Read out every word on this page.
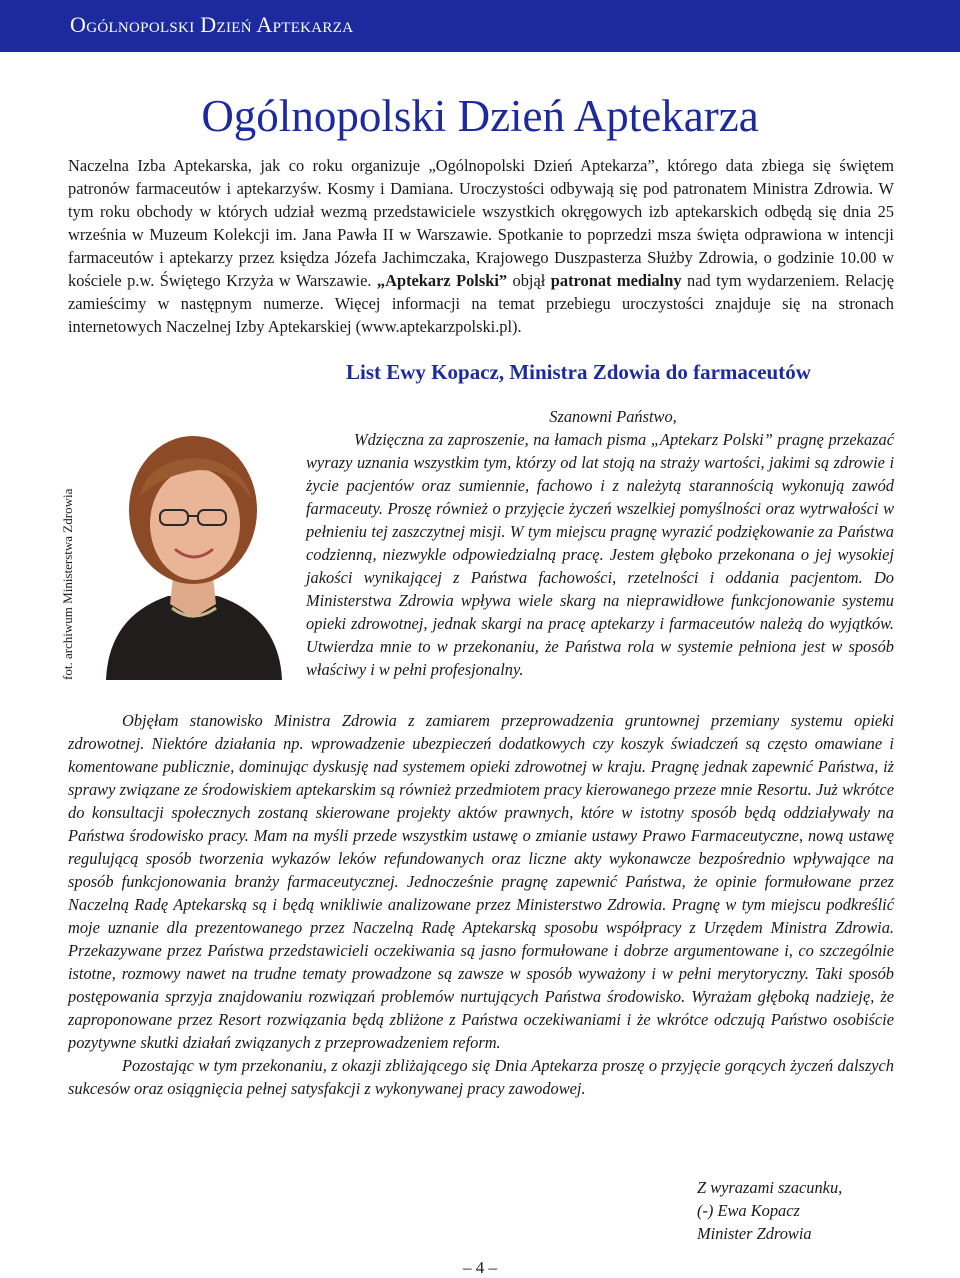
Ogólnopolski Dzień Aptekarza
Ogólnopolski Dzień Aptekarza

Naczelna Izba Aptekarska, jak co roku organizuje „Ogólnopolski Dzień Aptekarza”, którego data zbiega się świętem patronów farmaceutów i aptekarzyśw. Kosmy i Damiana. Uroczystości odbywają się pod patronatem Ministra Zdrowia. W tym roku obchody w których udział wezmą przedstawiciele wszystkich okręgowych izb aptekarskich odbędą się dnia 25 września w Muzeum Kolekcji im. Jana Pawła II w Warszawie. Spotkanie to poprzedzi msza święta odprawiona w intencji farmaceutów i aptekarzy przez księdza Józefa Jachimczaka, Krajowego Duszpasterza Służby Zdrowia, o godzinie 10.00 w kościele p.w. Świętego Krzyża w Warszawie. „Aptekarz Polski” objął patronat medialny nad tym wydarzeniem. Relację zamieścimy w następnym numerze. Więcej informacji na temat przebiegu uroczystości znajduje się na stronach internetowych Naczelnej Izby Aptekarskiej (www.aptekarzpolski.pl).

List Ewy Kopacz, Ministra Zdowia do farmaceutów
fot. archiwum Ministerstwa Zdrowia

Szanowni Państwo,

Wdzięczna za zaproszenie, na łamach pisma „Aptekarz Polski” pragnę przekazać wyrazy uznania wszystkim tym, którzy od lat stoją na straży wartości, jakimi są zdrowie i życie pacjentów oraz sumiennie, fachowo i z należytą starannością wykonują zawód farmaceuty. Proszę również o przyjęcie życzeń wszelkiej pomyślności oraz wytrwałości w pełnieniu tej zaszczytnej misji. W tym miejscu pragnę wyrazić podziękowanie za Państwa codzienną, niezwykle odpowiedzialną pracę. Jestem głęboko przekonana o jej wysokiej jakości wynikającej z Państwa fachowości, rzetelności i oddania pacjentom. Do Ministerstwa Zdrowia wpływa wiele skarg na nieprawidłowe funkcjonowanie systemu opieki zdrowotnej, jednak skargi na pracę aptekarzy i farmaceutów należą do wyjątków. Utwierdza mnie to w przekonaniu, że Państwa rola w systemie pełniona jest w sposób właściwy i w pełni profesjonalny.

Objęłam stanowisko Ministra Zdrowia z zamiarem przeprowadzenia gruntownej przemiany systemu opieki zdrowotnej. Niektóre działania np. wprowadzenie ubezpieczeń dodatkowych czy koszyk świadczeń są często omawiane i komentowane publicznie, dominując dyskusję nad systemem opieki zdrowotnej w kraju. Pragnę jednak zapewnić Państwa, iż sprawy związane ze środowiskiem aptekarskim są również przedmiotem pracy kierowanego przeze mnie Resortu. Już wkrótce do konsultacji społecznych zostaną skierowane projekty aktów prawnych, które w istotny sposób będą oddziaływały na Państwa środowisko pracy. Mam na myśli przede wszystkim ustawę o zmianie ustawy Prawo Farmaceutyczne, nową ustawę regulującą sposób tworzenia wykazów leków refundowanych oraz liczne akty wykonawcze bezpośrednio wpływające na sposób funkcjonowania branży farmaceutycznej. Jednocześnie pragnę zapewnić Państwa, że opinie formułowane przez Naczelną Radę Aptekarską są i będą wnikliwie analizowane przez Ministerstwo Zdrowia. Pragnę w tym miejscu podkreślić moje uznanie dla prezentowanego przez Naczelną Radę Aptekarską sposobu współpracy z Urzędem Ministra Zdrowia. Przekazywane przez Państwa przedstawicieli oczekiwania są jasno formułowane i dobrze argumentowane i, co szczególnie istotne, rozmowy nawet na trudne tematy prowadzone są zawsze w sposób wyważony i w pełni merytoryczny. Taki sposób postępowania sprzyja znajdowaniu rozwiązań problemów nurtujących Państwa środowisko. Wyrażam głęboką nadzieję, że zaproponowane przez Resort rozwiązania będą zbliżone z Państwa oczekiwaniami i że wkrótce odczują Państwo osobiście pozytywne skutki działań związanych z przeprowadzeniem reform.

Pozostając w tym przekonaniu, z okazji zbliżającego się Dnia Aptekarza proszę o przyjęcie gorących życzeń dalszych sukcesów oraz osiągnięcia pełnej satysfakcji z wykonywanej pracy zawodowej.

Z wyrazami szacunku,
(-) Ewa Kopacz
Minister Zdrowia
– 4 –
